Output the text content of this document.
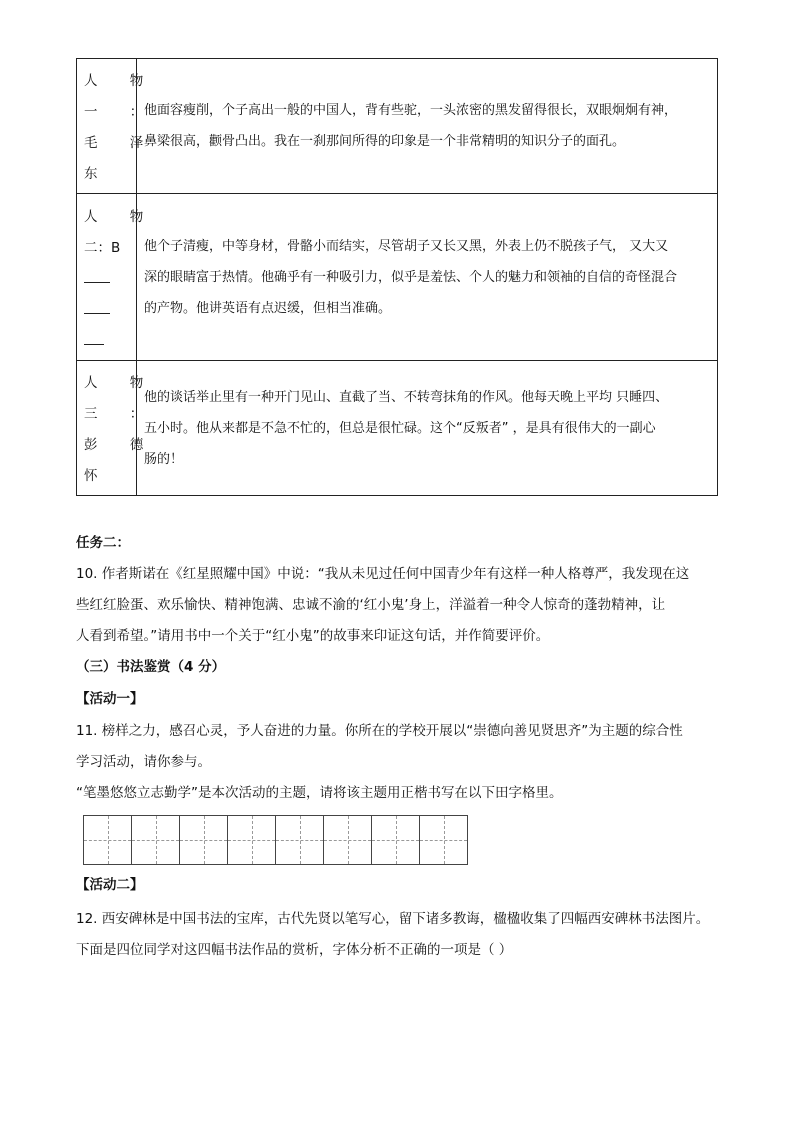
人 物
一 ：
毛 泽
东	他面容瘦削，个子高出一般的中国人，背有些驼，一头浓密的黑发留得很长，双眼炯炯有神，
鼻梁很高，颧骨凸出。我在一刹那间所得的印象是一个非常精明的知识分子的面孔。

人 物
二：B	他个子清瘦，中等身材，骨骼小而结实，尽管胡子又长又黑，外表上仍不脱孩子气， 又大又
深的眼睛富于热情。他确乎有一种吸引力，似乎是羞怯、个人的魅力和领袖的自信的奇怪混合
的产物。他讲英语有点迟缓，但相当准确。

人 物
三 ：
彭 德
怀	他的谈话举止里有一种开门见山、直截了当、不转弯抹角的作风。他每天晚上平均 只睡四、
五小时。他从来都是不急不忙的，但总是很忙碌。这个“反叛者” ，是具有很伟大的一副心
肠的！
任务二：
10. 作者斯诺在《红星照耀中国》中说：“我从未见过任何中国青少年有这样一种人格尊严，我发现在这
些红红脸蛋、欢乐愉快、精神饱满、忠诚不渝的‘红小鬼’身上，洋溢着一种令人惊奇的蓬勃精神，让
人看到希望。”请用书中一个关于“红小鬼”的故事来印证这句话，并作简要评价。
（三）书法鉴赏（4 分）
【活动一】
11. 榜样之力，感召心灵，予人奋进的力量。你所在的学校开展以“崇德向善见贤思齐”为主题的综合性
学习活动，请你参与。
“笔墨悠悠立志勤学”是本次活动的主题，请将该主题用正楷书写在以下田字格里。
【活动二】
12. 西安碑林是中国书法的宝库，古代先贤以笔写心，留下诸多教诲，楹楹收集了四幅西安碑林书法图片。
下面是四位同学对这四幅书法作品的赏析，字体分析不正确的一项是（ ）
